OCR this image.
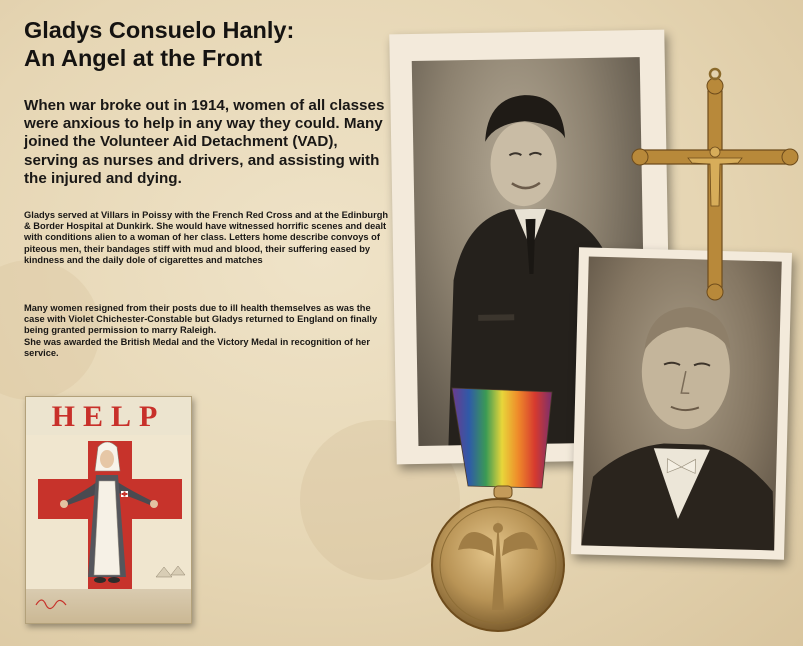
Gladys Consuelo Hanly:
An Angel at the Front

When war broke out in 1914, women of all classes were anxious to help in any way they could. Many joined the Volunteer Aid Detachment (VAD), serving as nurses and drivers, and assisting with the injured and dying.

Gladys served at Villars in Poissy with the French Red Cross and at the Edinburgh & Border Hospital at Dunkirk. She would have witnessed horrific scenes and dealt with conditions alien to a woman of her class. Letters home describe convoys of piteous men, their bandages stiff with mud and blood, their suffering eased by kindness and the daily dole of cigarettes and matches

Many women resigned from their posts due to ill health themselves as was the case with Violet Chichester-Constable but Gladys returned to England on finally being granted permission to marry Raleigh.
She was awarded the British Medal and the Victory Medal in recognition of her service.

HELP
